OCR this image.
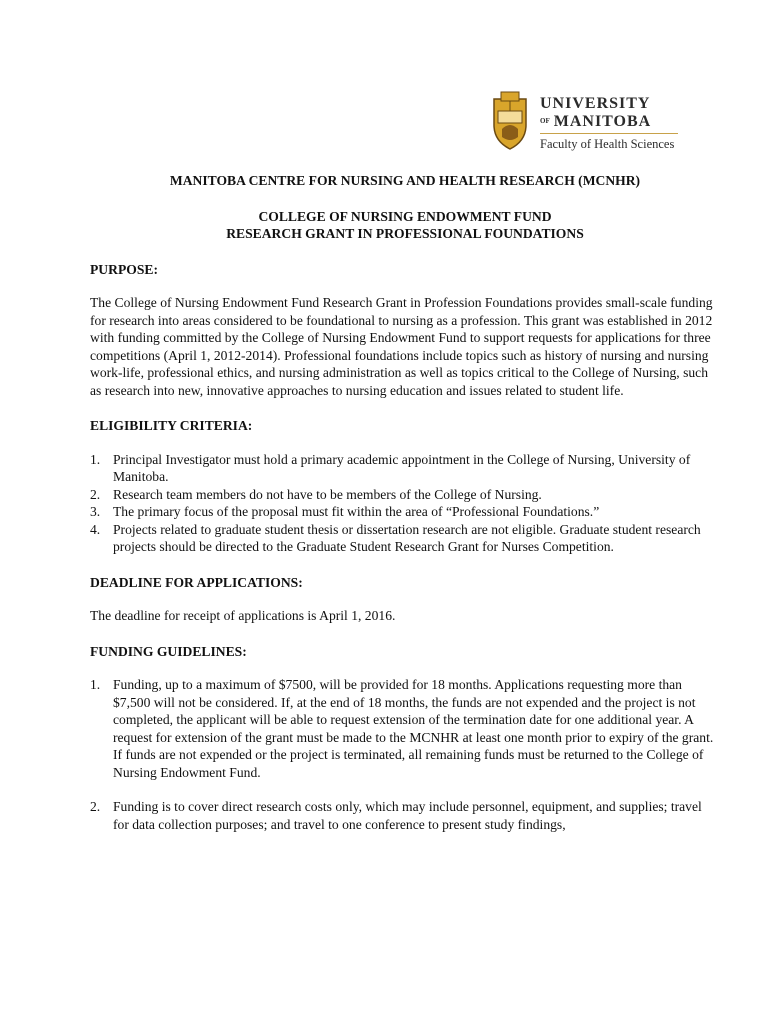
UNIVERSITY
OF MANITOBA
Faculty of Health Sciences

MANITOBA CENTRE FOR NURSING AND HEALTH RESEARCH (MCNHR)

COLLEGE OF NURSING ENDOWMENT FUND

RESEARCH GRANT IN PROFESSIONAL FOUNDATIONS

PURPOSE:

The College of Nursing Endowment Fund Research Grant in Profession Foundations provides small-scale funding for research into areas considered to be foundational to nursing as a profession. This grant was established in 2012 with funding committed by the College of Nursing Endowment Fund to support requests for applications for three competitions (April 1, 2012-2014). Professional foundations include topics such as history of nursing and nursing work-life, professional ethics, and nursing administration as well as topics critical to the College of Nursing, such as research into new, innovative approaches to nursing education and issues related to student life.

ELIGIBILITY CRITERIA:

1. Principal Investigator must hold a primary academic appointment in the College of Nursing, University of Manitoba.
2. Research team members do not have to be members of the College of Nursing.
3. The primary focus of the proposal must fit within the area of “Professional Foundations.”
4. Projects related to graduate student thesis or dissertation research are not eligible. Graduate student research projects should be directed to the Graduate Student Research Grant for Nurses Competition.

DEADLINE FOR APPLICATIONS:

The deadline for receipt of applications is April 1, 2016.

FUNDING GUIDELINES:

1. Funding, up to a maximum of $7500, will be provided for 18 months. Applications requesting more than $7,500 will not be considered. If, at the end of 18 months, the funds are not expended and the project is not completed, the applicant will be able to request extension of the termination date for one additional year. A request for extension of the grant must be made to the MCNHR at least one month prior to expiry of the grant. If funds are not expended or the project is terminated, all remaining funds must be returned to the College of Nursing Endowment Fund.
2. Funding is to cover direct research costs only, which may include personnel, equipment, and supplies; travel for data collection purposes; and travel to one conference to present study findings,
